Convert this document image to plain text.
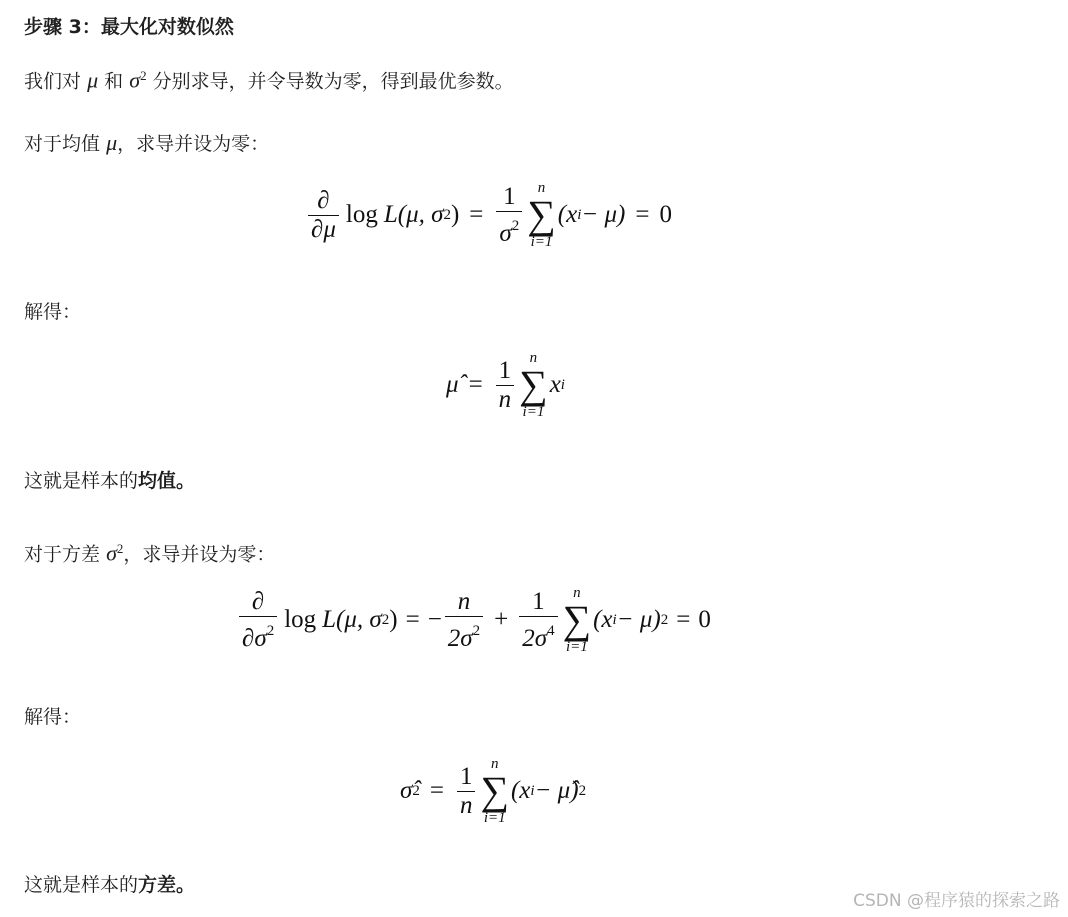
步骤 3：最大化对数似然
我们对 μ 和 $\sigma^2$ 分别求导，并令导数为零，得到最优参数。
对于均值 μ，求导并设为零：
$\frac{\partial}{\partial\mu}$ log L(μ, σ 2 ) = $\frac{1}{\sigma^2}$	n
∑
i=1
(x i − μ) = 0
解得：
μ̂ = $\frac{1}{n}$	n
∑
i=1
x i
这就是样本的均值。
对于方差 $\sigma^2$，求导并设为零：
$\frac{\partial}{\partial\sigma^2}$ log L(μ, σ 2 ) = − $\frac{n}{2\sigma^2} + \frac{1}{2\sigma^4}$	n
∑
i=1
(x i − μ) 2 = 0
解得：
σ̂ $2 = \frac{1}{n}$	n
∑
i=1
(x i − μ̂) 2
这就是样本的方差。
CSDN @程序猿的探索之路
